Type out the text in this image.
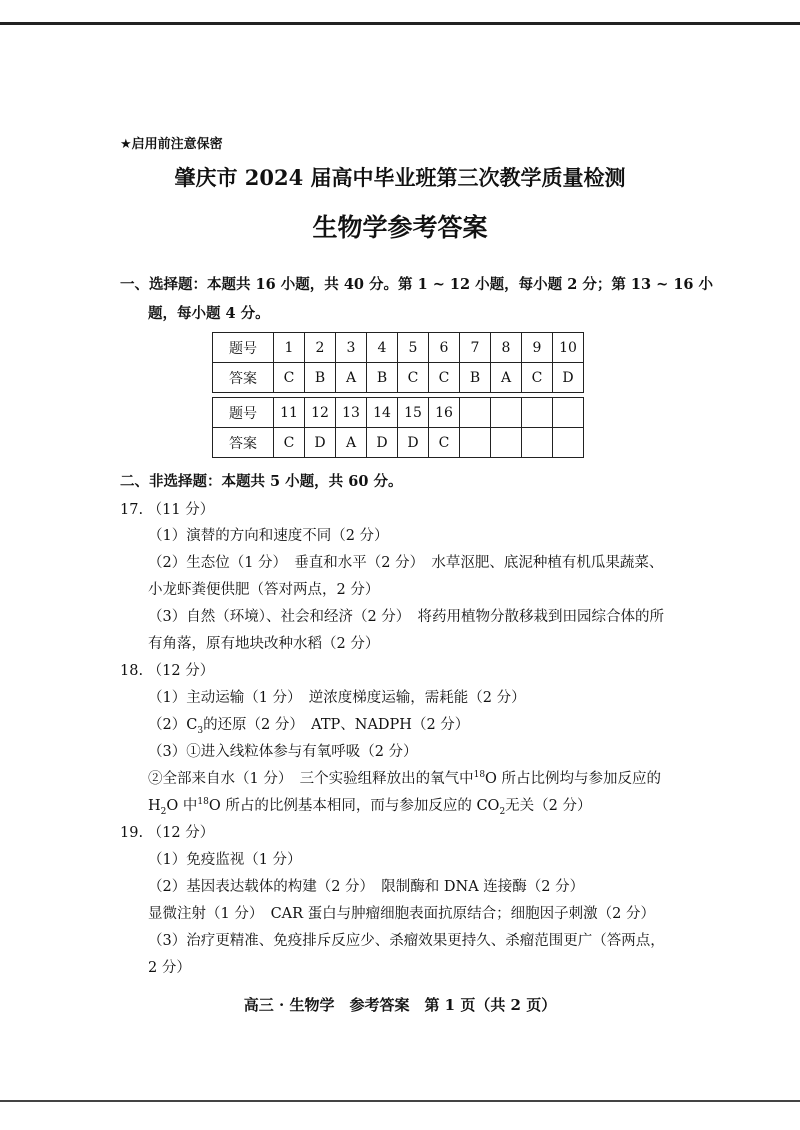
★启用前注意保密
肇庆市 2024 届高中毕业班第三次教学质量检测
生物学参考答案
一、选择题：本题共 16 小题，共 40 分。第 1 ~ 12 小题，每小题 2 分；第 13 ~ 16 小
题，每小题 4 分。
题号	1	2	3	4	5	6	7	8	9	10
答案	C	B	A	B	C	C	B	A	C	D

题号	11	12	13	14	15	16				
答案	C	D	A	D	D	C				
二、非选择题：本题共 5 小题，共 60 分。
17. （11 分）
（1）演替的方向和速度不同（2 分）
（2）生态位（1 分）　垂直和水平（2 分）　水草沤肥、底泥种植有机瓜果蔬菜、
小龙虾粪便供肥（答对两点，2 分）
（3）自然（环境）、社会和经济（2 分）　将药用植物分散移栽到田园综合体的所
有角落，原有地块改种水稻（2 分）
18. （12 分）
（1）主动运输（1 分）　逆浓度梯度运输，需耗能（2 分）
$(2)C_3$的还原（2 分）　ATP、NADPH（2 分）
（3）①进入线粒体参与有氧呼吸（2 分）
②全部来自水（1 分）　三个实验组释放出的氧气中$^{18}$O 所占比例均与参加反应的
$H_2O$ 中$^{18}$O 所占的比例基本相同，而与参加反应的 $CO_2$无关（2 分）
19. （12 分）
（1）免疫监视（1 分）
（2）基因表达载体的构建（2 分）　限制酶和 DNA 连接酶（2 分）
显微注射（1 分）　CAR 蛋白与肿瘤细胞表面抗原结合；细胞因子刺激（2 分）
（3）治疗更精准、免疫排斥反应少、杀瘤效果更持久、杀瘤范围更广（答两点，
2 分）
高三 · 生物学　参考答案　第 1 页（共 2 页）
